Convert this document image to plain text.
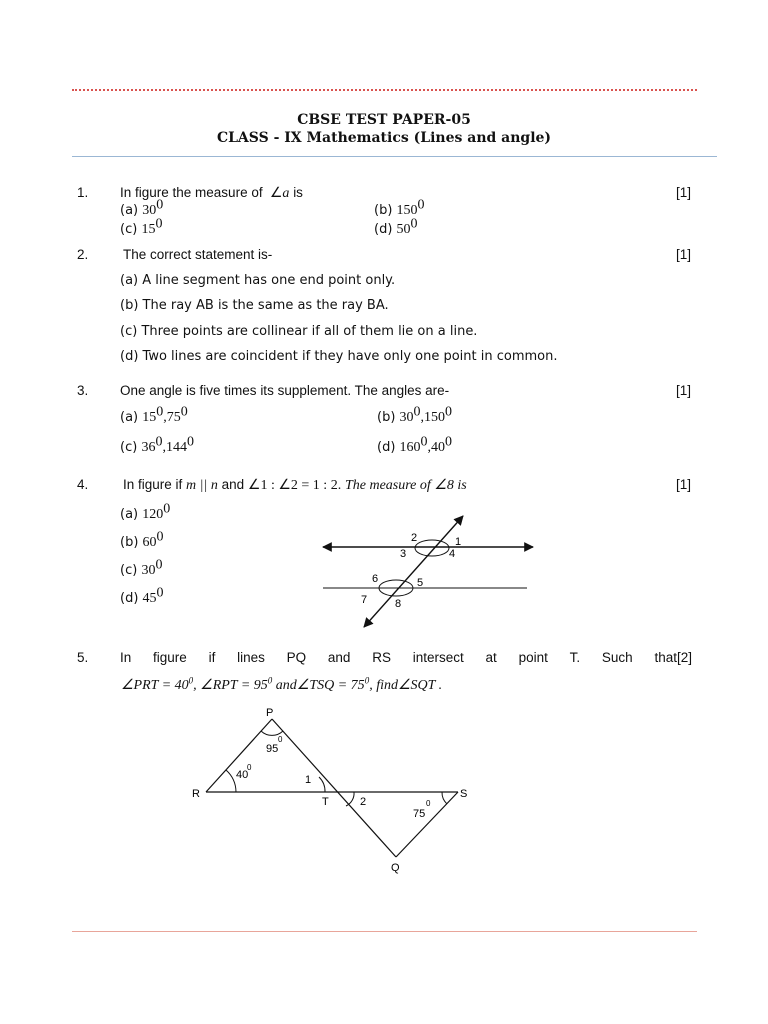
CBSE TEST PAPER-05
CLASS - IX Mathematics (Lines and angle)
1. In figure the measure of  ∠a is	[1]
(a) $30^0$	(b) $150^0$
(c) $15^0$	(d) $50^0$
2.	The correct statement is-	[1]
(a) A line segment has one end point only.
(b) The ray AB is the same as the ray BA.
(c) Three points are collinear if all of them lie on a line.
(d) Two lines are coincident if they have only one point in common.
3. One angle is five times its supplement. The angles are-	[1]
(a) $15^0,75^0$	(b) $30^0,150^0$
(c) $36^0,144^0$	(d) $160^0,40^0$
4.	In figure if m || n and ∠1 : ∠2 = 1 : 2. The measure of ∠8 is	[1]
(a) $120^0$
(b) $60^0$
(c) $30^0$
(d) $45^0$
2	1
3	4
6	5
7	8
5. In figure if lines PQ and RS intersect at point T. Such that [2]
∠PRT = $40^0$, ∠RPT = $95^0$ and∠TSQ = $75^0$, find∠SQT .
P
R
T
S
Q
40
0
95
0
1
2
75
0
